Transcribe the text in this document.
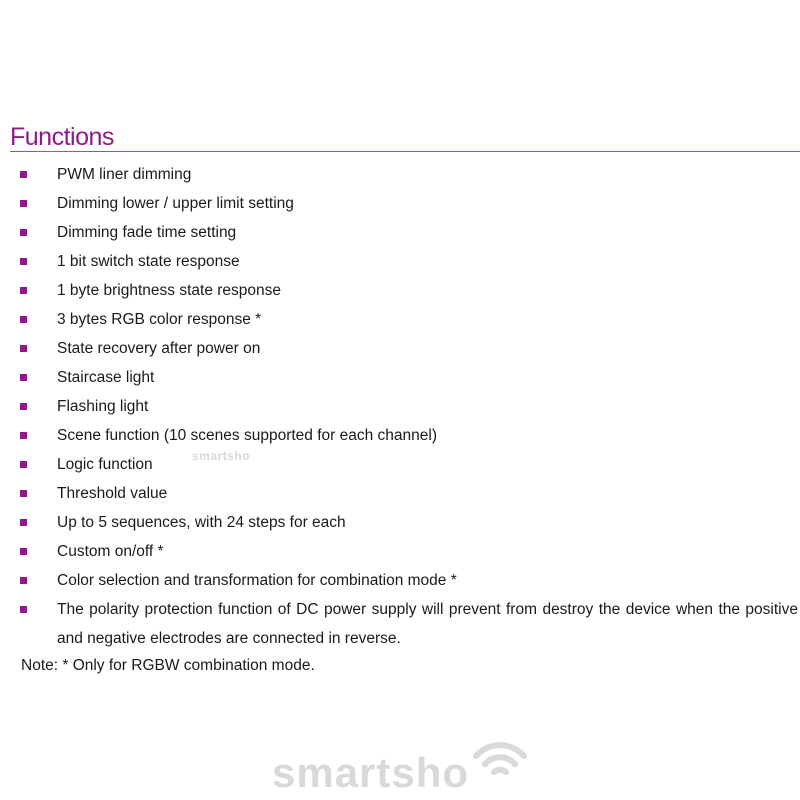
Functions
PWM liner dimming
Dimming lower / upper limit setting
Dimming fade time setting
1 bit switch state response
1 byte brightness state response
3 bytes RGB color response *
State recovery after power on
Staircase light
Flashing light
Scene function (10 scenes supported for each channel)
Logic function
Threshold value
Up to 5 sequences, with 24 steps for each
Custom on/off *
Color selection and transformation for combination mode *
The polarity protection function of DC power supply will prevent from destroy the device when the positive and negative electrodes are connected in reverse.
Note: * Only for RGBW combination mode.
smartsho
smartsho
